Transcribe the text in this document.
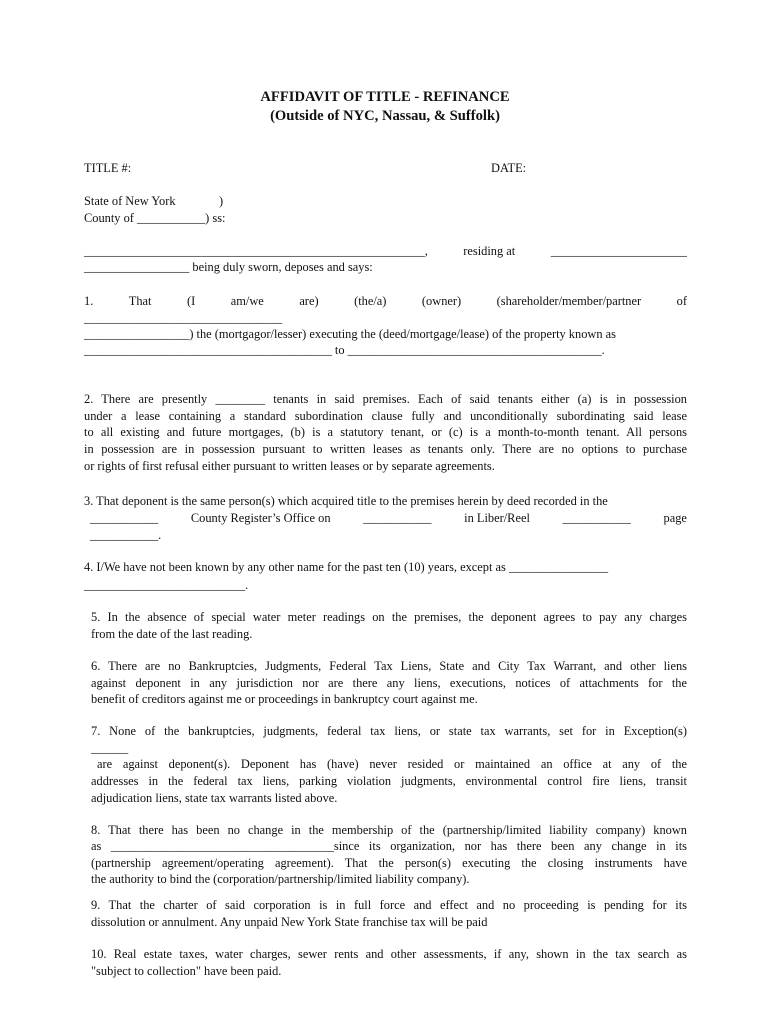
AFFIDAVIT OF TITLE - REFINANCE
(Outside of NYC, Nassau, & Suffolk)
TITLE #:	DATE:
State of New York	)
County of ___________) ss:
_______________________________________________________,	residing at	______________________
_________________ being duly sworn, deposes and says:
1.	That	(I	am/we	are)	(the/a)	(owner)	(shareholder/member/partner	of
________________________________
_________________) the (mortgagor/lesser) executing the (deed/mortgage/lease) of the property known as
________________________________________ to _________________________________________.
2. There are presently ________ tenants in said premises. Each of said tenants either (a) is in possession
under a lease containing a standard subordination clause fully and unconditionally subordinating said lease
to all existing and future mortgages, (b) is a statutory tenant, or (c) is a month-to-month tenant. All persons
in possession are in possession pursuant to written leases as tenants only. There are no options to purchase
or rights of first refusal either pursuant to written leases or by separate agreements.
3. That deponent is the same person(s) which acquired title to the premises herein by deed recorded in the
___________	County Register’s Office on	___________	in Liber/Reel	___________	page
___________.
4. I/We have not been known by any other name for the past ten (10) years, except as ________________
__________________________.
5. In the absence of special water meter readings on the premises, the deponent agrees to pay any charges
from the date of the last reading.
6. There are no Bankruptcies, Judgments, Federal Tax Liens, State and City Tax Warrant, and other liens
against deponent in any jurisdiction nor are there any liens, executions, notices of attachments for the
benefit of creditors against me or proceedings in bankruptcy court against me.
7. None of the bankruptcies, judgments, federal tax liens, or state tax warrants, set for in Exception(s)
______
are against deponent(s). Deponent has (have) never resided or maintained an office at any of the
addresses in the federal tax liens, parking violation judgments, environmental control fire liens, transit
adjudication liens, state tax warrants listed above.
8. That there has been no change in the membership of the (partnership/limited liability company) known
as ____________________________________since its organization, nor has there been any change in its
(partnership agreement/operating agreement). That the person(s) executing the closing instruments have
the authority to bind the (corporation/partnership/limited liability company).
9. That the charter of said corporation is in full force and effect and no proceeding is pending for its
dissolution or annulment. Any unpaid New York State franchise tax will be paid
10. Real estate taxes, water charges, sewer rents and other assessments, if any, shown in the tax search as
"subject to collection" have been paid.
